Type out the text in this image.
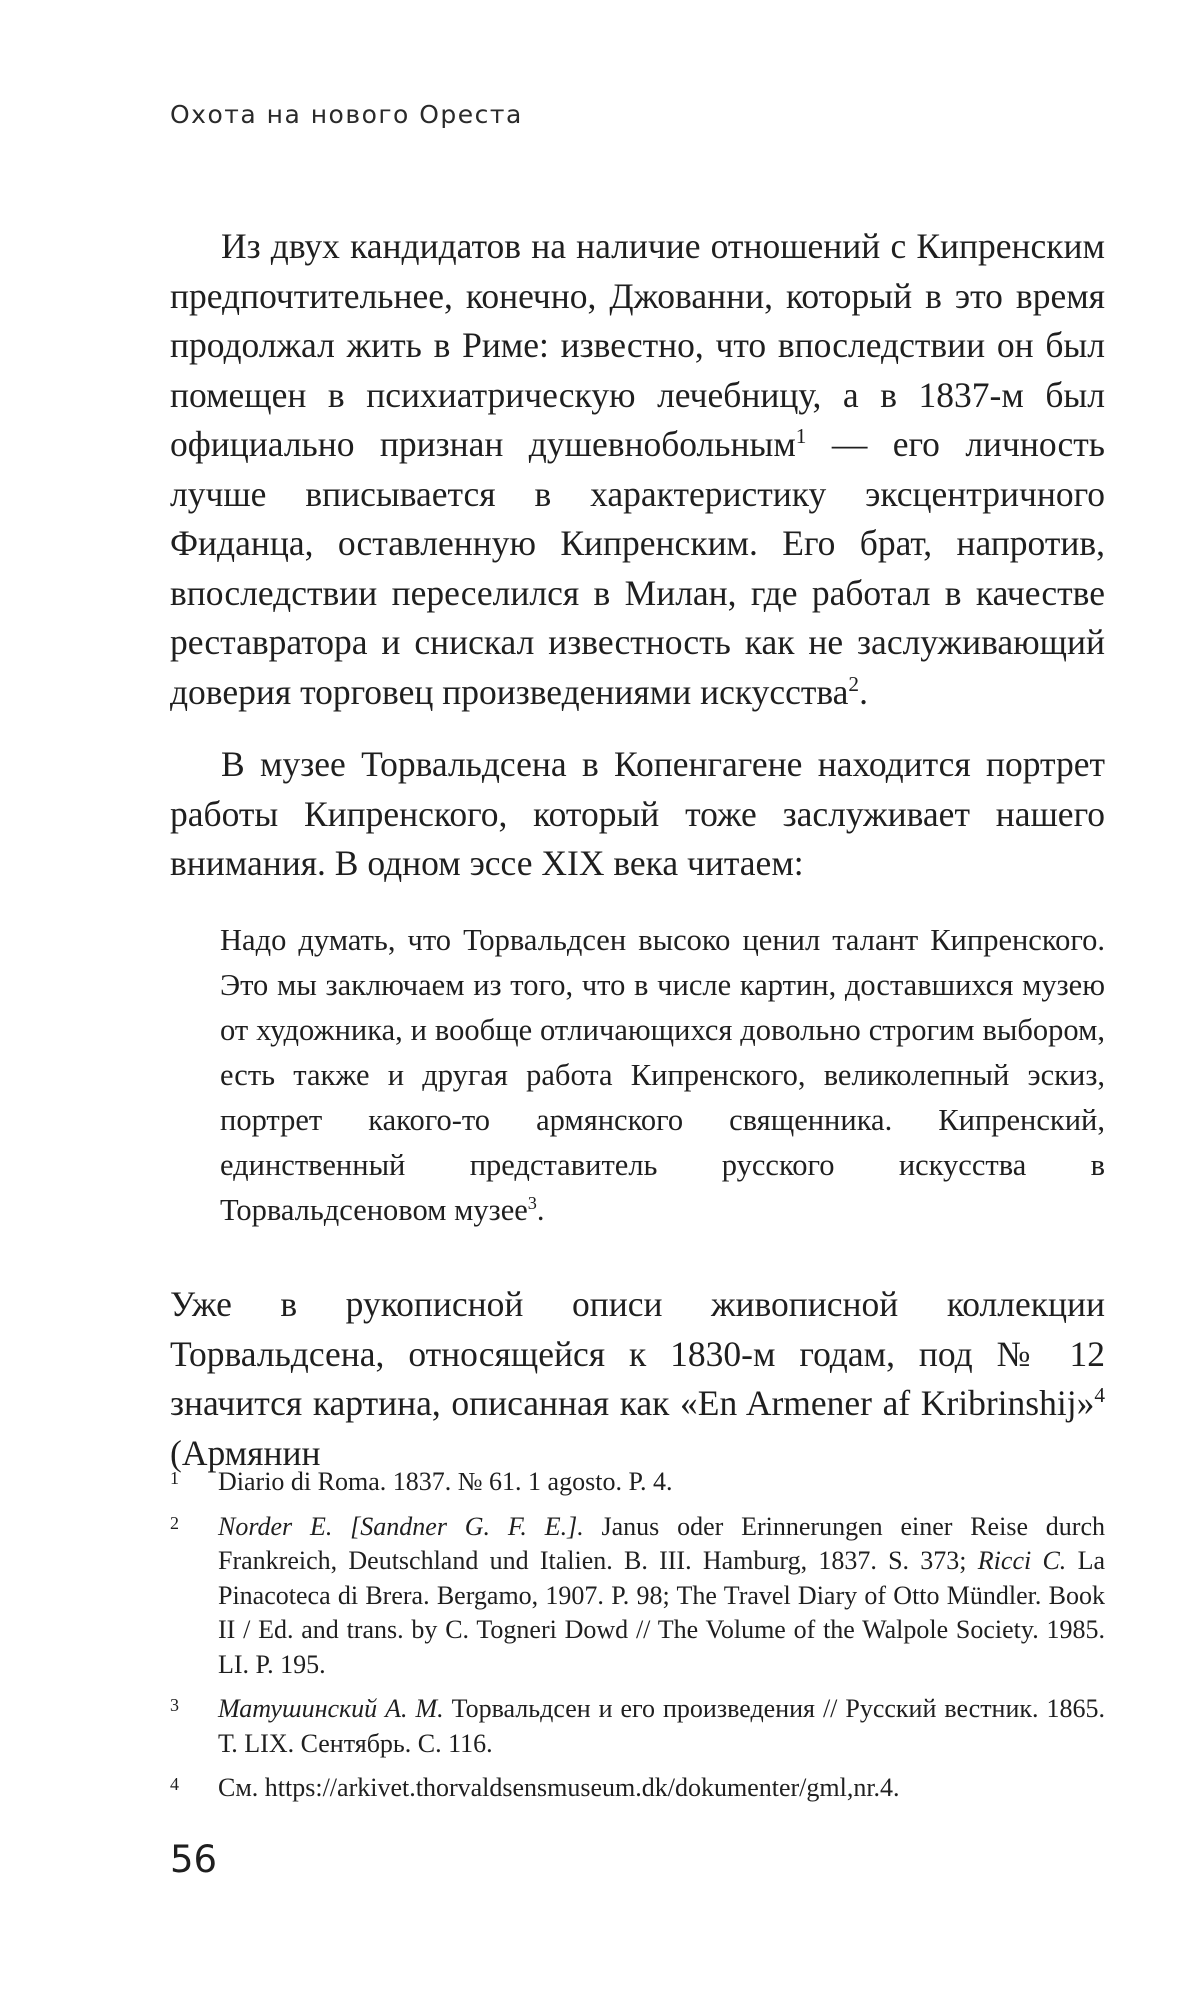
Охота на нового Ореста

Из двух кандидатов на наличие отношений с Кипренским предпочтительнее, конечно, Джованни, который в это время продолжал жить в Риме: известно, что впоследствии он был помещен в психиатрическую лечебницу, а в 1837-м был официально признан душевнобольным$^1$ — его личность лучше вписывается в характеристику эксцентричного Фиданца, оставленную Кипренским. Его брат, напротив, впоследствии переселился в Милан, где работал в качестве реставратора и снискал известность как не заслуживающий доверия торговец произведениями искусства$^2$.

В музее Торвальдсена в Копенгагене находится портрет работы Кипренского, который тоже заслуживает нашего внимания. В одном эссе XIX века читаем:

Надо думать, что Торвальдсен высоко ценил талант Кипренского. Это мы заключаем из того, что в числе картин, доставшихся музею от художника, и вообще отличающихся довольно строгим выбором, есть также и другая работа Кипренского, великолепный эскиз, портрет какого-то армянского священника. Кипренский, единственный представитель русского искусства в Торвальдсеновом музее$^3$.

Уже в рукописной описи живописной коллекции Торвальдсена, относящейся к 1830-м годам, под № 12 значится картина, описанная как «En Armener af Kribrinshij»$^4$ (Армянин

1 Diario di Roma. 1837. № 61. 1 agosto. P. 4.

2 Norder E. [Sandner G. F. E.]. Janus oder Erinnerungen einer Reise durch Frankreich, Deutschland und Italien. B. III. Hamburg, 1837. S. 373; Ricci C. La Pinacoteca di Brera. Bergamo, 1907. P. 98; The Travel Diary of Otto Mündler. Book II / Ed. and trans. by C. Togneri Dowd // The Volume of the Walpole Society. 1985. LI. P. 195.

3 Матушинский А. М. Торвальдсен и его произведения // Русский вестник. 1865. Т. LIX. Сентябрь. С. 116.

4 См. https://arkivet.thorvaldsensmuseum.dk/dokumenter/gml,nr.4.

56
